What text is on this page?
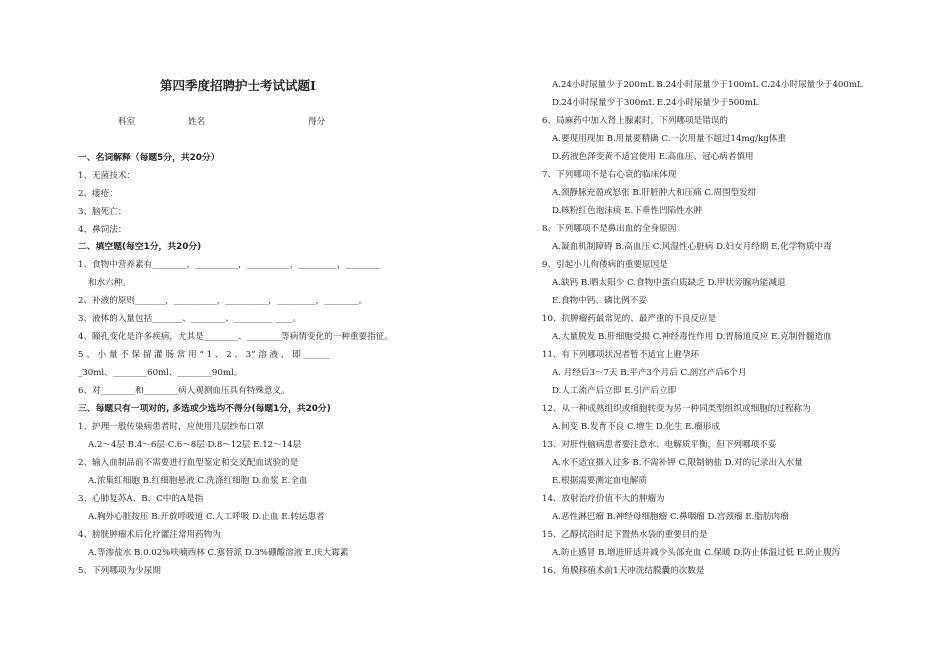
第四季度招聘护士考试试题Ⅰ
科室	姓名	得分
一、名词解释（每题5分，共20分）
1、无菌技术：
2、瘘疮：
3、脑死亡：
4、鼻饲法：
二、填空题(每空1分，共20分)
1、食物中营养素有________，__________，__________，_________，________
和水六种。
2、补液的原则_______，__________，__________，_________，________。
3、液体的入量包括_______、________、_________ ____。
4、瞳孔变化是许多疾病，尤其是________、________等病情变化的一种重要指征。
5 、 小 量 不 保 留 灌 肠 常 用 “ 1 、 2 、 3” 溶 液 ， 即 ______
_30ml、________60ml、________90ml。
6、对________和________病人观测血压具有特殊意义。
三、每题只有一项对的, 多选或少选均不得分(每题1分，共20分)
1、护理一般传染病患者时，应使用几层纱布口罩
A.2～4层 B.4～6层 C.6～8层 D.8～12层 E.12～14层
2、输入血制品前不需要进行血型鉴定和交叉配血试验的是
A.浓集红细胞 B.红细胞悬液 C.洗涤红细胞 D.血浆 E.全血
3、心肺复苏A、B、C中的A是指
A.胸外心脏按压 B.开放呼吸道 C.人工呼吸 D.止血 E.转运患者
4、膀胱肿瘤术后化疗灌注常用药物为
A.等渗盐水 B.0.02%呋喃西林 C.塞替派 D.3%硼酸溶液 E.庆大霉素
5、下列哪项为少尿期
A.24小时尿量少于200mL B.24小时尿量少于100mL C.24小时尿量少于400mL
D.24小时尿量少于300mL E.24小时尿量少于500mL
6、局麻药中加入肾上腺素时，下列哪项是错误的
A.要现用现加 B.用量要精确 C.一次用量不超过14mg/kg体重
D.药液色泽变黄不适宜使用 E.高血压、冠心病者慎用
7、下列哪项不是右心衰的临床体现
A.颈静脉充盈或怒张 B.肝脏肿大和压痛 C.周围型发绀
D.咳粉红色泡沫痰 E.下垂性凹陷性水肿
8、下列哪项不是鼻出血的全身原因
A.凝血机制障碍 B.高血压 C.风湿性心脏病 D.妇女月经期 E.化学物质中毒
9、引起小儿佝偻病的重要原因是
A.缺钙 B.晒太阳少 C.食物中蛋白质缺乏 D.甲状旁腺功能减退
E.食物中钙、磷比例不妥
10、抗肿瘤药最常见的、最严重的不良反应是
A.大量脱发 B.肝细胞受损 C.神经毒性作用 D.胃肠道反应 E.克制骨髓造血
11、有下列哪项状况者暂不适宜上避孕环
A. 月经后3～7天 B.平产3个月后 C.剖宫产后6个月
D.人工流产后立即 E.引产后立即
12、从一种成熟组织或细胞转变为另一种同类型组织或细胞的过程称为
A.间变 B.发育不良 C.增生 D.化生 E.瘤形成
13、对肝性脑病患者要注意水、电解质平衡，但下列哪项不妥
A.水不适宜摄入过多 B.不需补钾 C.限制钠盐 D.对的记录出入水量
E.根据需要测定血电解质
14、放射治疗价值不大的肿瘤为
A.恶性淋巴瘤 B.神经母细胞瘤 C.鼻咽瘤 D.宫颈瘤 E.脂肪肉瘤
15、乙醇拭浴时足下置热水袋的重要目的是
A.防止感冒 B.增进肝适并减少头部充血 C.保暖 D.防止体温过低 E.防止腹泻
16、角膜移植术前1天冲洗结膜囊的次数是
